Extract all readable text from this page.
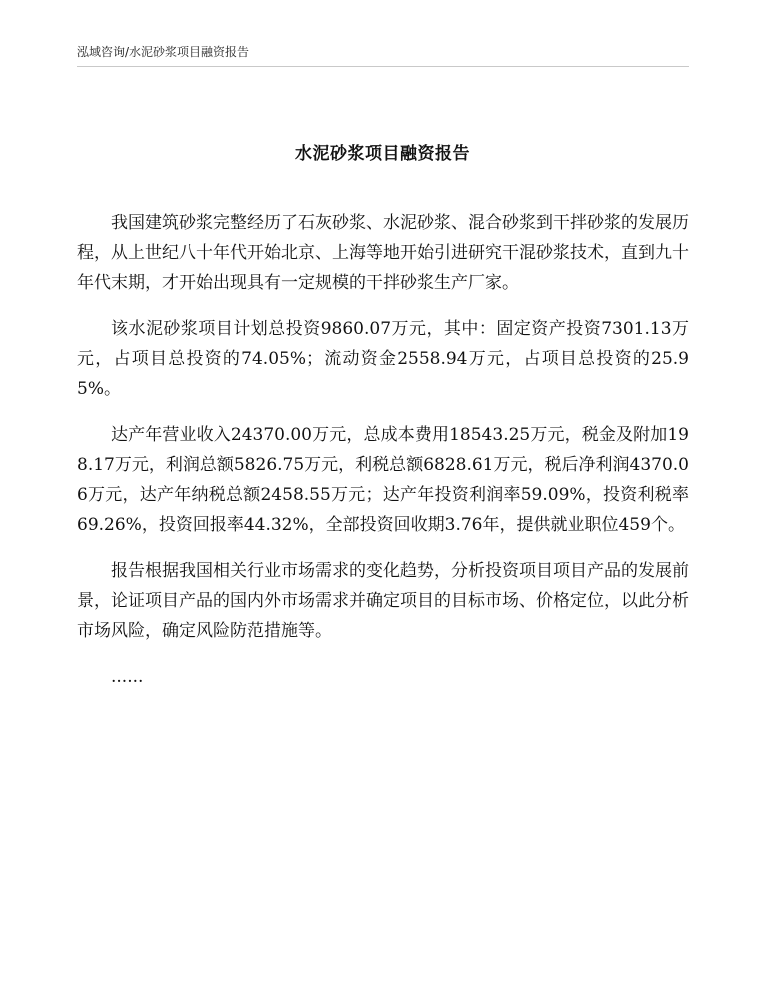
泓域咨询/水泥砂浆项目融资报告
水泥砂浆项目融资报告

我国建筑砂浆完整经历了石灰砂浆、水泥砂浆、混合砂浆到干拌砂浆的发展历程，从上世纪八十年代开始北京、上海等地开始引进研究干混砂浆技术，直到九十年代末期，才开始出现具有一定规模的干拌砂浆生产厂家。

该水泥砂浆项目计划总投资9860.07万元，其中：固定资产投资7301.13万元，占项目总投资的74.05%；流动资金2558.94万元，占项目总投资的25.95%。

达产年营业收入24370.00万元，总成本费用18543.25万元，税金及附加198.17万元，利润总额5826.75万元，利税总额6828.61万元，税后净利润4370.06万元，达产年纳税总额2458.55万元；达产年投资利润率59.09%，投资利税率69.26%，投资回报率44.32%，全部投资回收期3.76年，提供就业职位459个。

报告根据我国相关行业市场需求的变化趋势，分析投资项目项目产品的发展前景，论证项目产品的国内外市场需求并确定项目的目标市场、价格定位，以此分析市场风险，确定风险防范措施等。

......
